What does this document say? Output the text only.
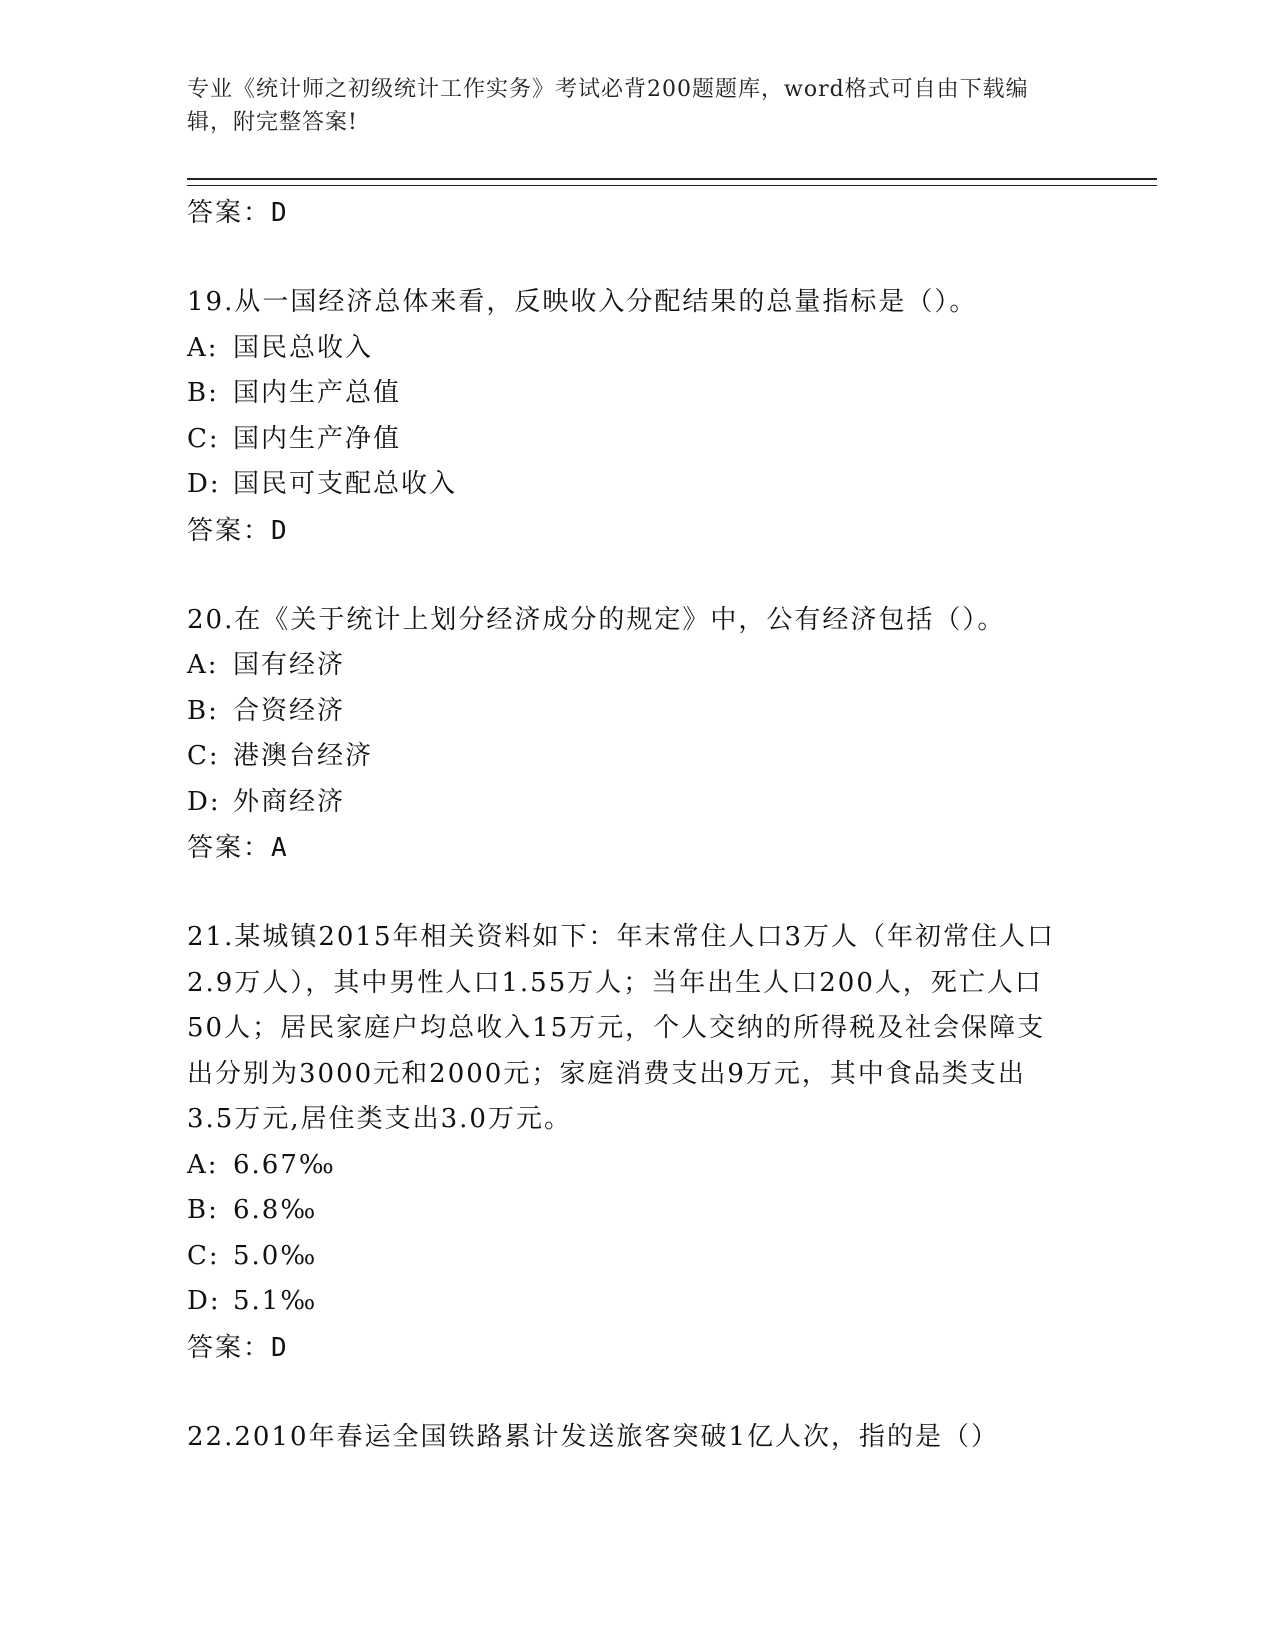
专业《统计师之初级统计工作实务》考试必背200题题库，word格式可自由下载编辑，附完整答案!
答案：D
19.从一国经济总体来看，反映收入分配结果的总量指标是（）。
A: 国民总收入
B: 国内生产总值
C: 国内生产净值
D: 国民可支配总收入
答案：D
20.在《关于统计上划分经济成分的规定》中，公有经济包括（）。
A: 国有经济
B: 合资经济
C: 港澳台经济
D: 外商经济
答案：A
21.某城镇2015年相关资料如下：年末常住人口3万人（年初常住人口2.9万人），其中男性人口1.55万人；当年出生人口200人，死亡人口50人；居民家庭户均总收入15万元，个人交纳的所得税及社会保障支出分别为3000元和2000元；家庭消费支出9万元，其中食品类支出3.5万元,居住类支出3.0万元。
A: 6.67‰
B: 6.8‰
C: 5.0‰
D: 5.1‰
答案：D
22.2010年春运全国铁路累计发送旅客突破1亿人次，指的是（）
